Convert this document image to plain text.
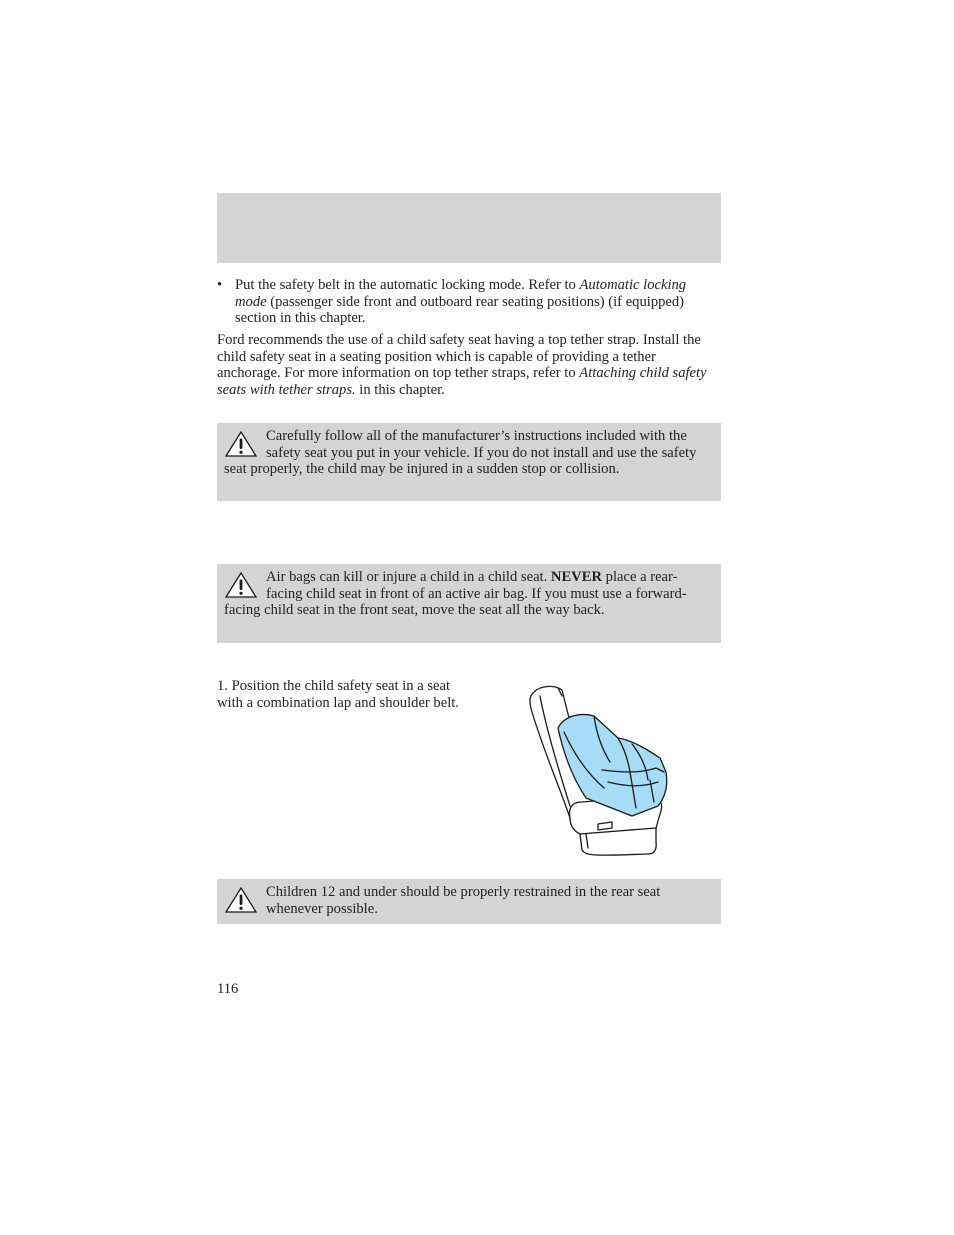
• Put the safety belt in the automatic locking mode. Refer to Automatic locking mode (passenger side front and outboard rear seating positions) (if equipped) section in this chapter.
Ford recommends the use of a child safety seat having a top tether strap. Install the child safety seat in a seating position which is capable of providing a tether anchorage. For more information on top tether straps, refer to Attaching child safety seats with tether straps. in this chapter.
Carefully follow all of the manufacturer’s instructions included with the safety seat you put in your vehicle. If you do not install and use the safety seat properly, the child may be injured in a sudden stop or collision.
Air bags can kill or injure a child in a child seat. NEVER place a rear-facing child seat in front of an active air bag. If you must use a forward-facing child seat in the front seat, move the seat all the way back.
1. Position the child safety seat in a seat with a combination lap and shoulder belt.
Children 12 and under should be properly restrained in the rear seat whenever possible.
116
